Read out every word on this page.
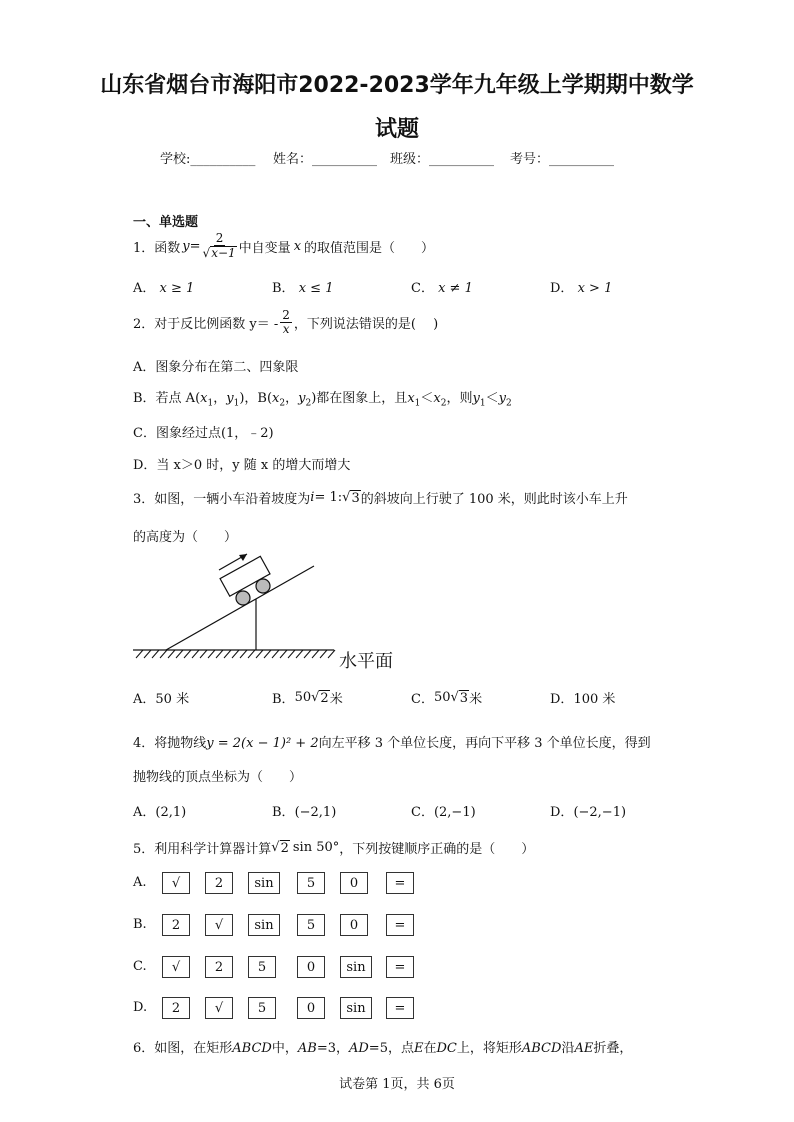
山东省烟台市海阳市2022-2023学年九年级上学期期中数学
试题
学校:__________ 姓名：__________ 班级：__________ 考号：__________
一、单选题
1．函数 $y = \frac{2}{√ x-1}$ 中自变量 x 的取值范围是（　　）
A． x ≥ 1	B． x ≤ 1	C． x ≠ 1	D． x > 1
2．对于反比例函数 $y= - \frac{2}{x}$ ，下列说法错误的是(　 )
A．图象分布在第二、四象限
B．若点 $A(x_1$，$y_1$)，$B(x_2$，$y_2$)都在图象上，且$x_1<x_2$，则$y_1<y_2$
C．图象经过点(1，﹣2)
D．当 x＞0 时，y 随 x 的增大而增大
3．如图，一辆小车沿着坡度为 i = 1: √ 3 的斜坡向上行驶了 100 米，则此时该小车上升
的高度为（　　）
水平面
A．50 米	B． 50 √ 2 米	C． 50 √ 3 米	D．100 米
4．将抛物线y = 2(x − 1)² + 2向左平移 3 个单位长度，再向下平移 3 个单位长度，得到
抛物线的顶点坐标为（　　）
A．(2,1)	B．(−2,1)	C．(2,−1)	D．(−2,−1)
5．利用科学计算器计算 √ 2 sin 50° ，下列按键顺序正确的是（　　）
A.	√	2	sin	5	0	=
B.	2	√	sin	5	0	=
C.	√	2	5	0	sin	=
D.	2	√	5	0	sin	=
6．如图，在矩形ABCD中，AB=3，AD=5，点E在DC上，将矩形ABCD沿AE折叠，
试卷第 1页，共 6页
